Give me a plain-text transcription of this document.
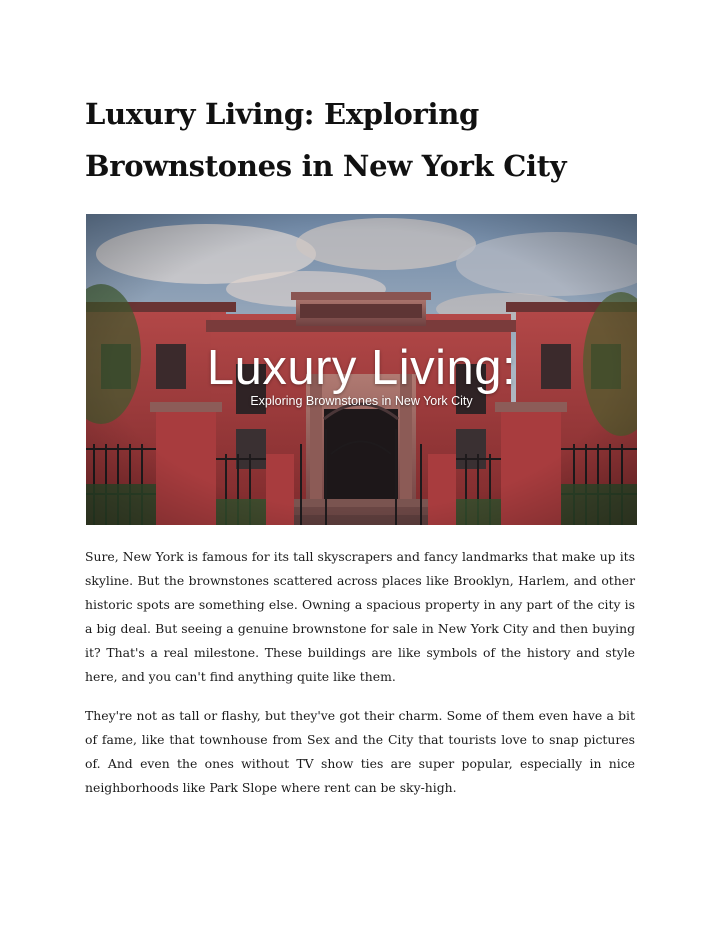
Luxury Living: Exploring Brownstones in New York City
Luxury Living:
Exploring Brownstones in New York City

Sure, New York is famous for its tall skyscrapers and fancy landmarks that make up its skyline. But the brownstones scattered across places like Brooklyn, Harlem, and other historic spots are something else. Owning a spacious property in any part of the city is a big deal. But seeing a genuine brownstone for sale in New York City and then buying it? That's a real milestone. These buildings are like symbols of the history and style here, and you can't find anything quite like them.

They're not as tall or flashy, but they've got their charm. Some of them even have a bit of fame, like that townhouse from Sex and the City that tourists love to snap pictures of. And even the ones without TV show ties are super popular, especially in nice neighborhoods like Park Slope where rent can be sky-high.
